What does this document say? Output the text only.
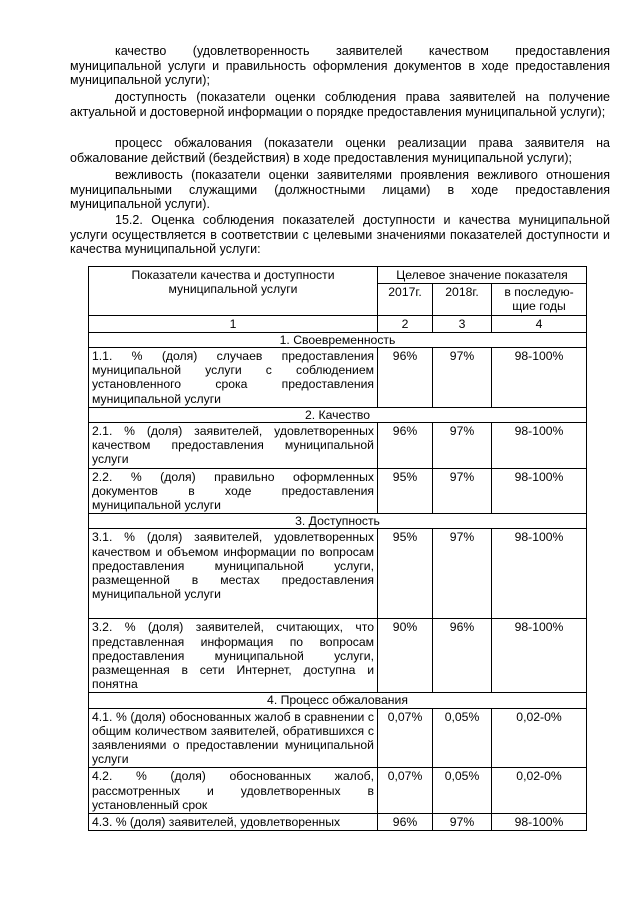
качество (удовлетворенность заявителей качеством предоставления муниципальной услуги и правильность оформления документов в ходе предоставления муниципальной услуги);

доступность (показатели оценки соблюдения права заявителей на получение актуальной и достоверной информации о порядке предоставления муниципальной услуги);

процесс обжалования (показатели оценки реализации права заявителя на обжалование действий (бездействия) в ходе предоставления муниципальной услуги);

вежливость (показатели оценки заявителями проявления вежливого отношения муниципальными служащими (должностными лицами) в ходе предоставления муниципальной услуги).

15.2. Оценка соблюдения показателей доступности и качества муниципальной услуги осуществляется в соответствии с целевыми значениями показателей доступности и качества муниципальной услуги:

Показатели качества и доступности муниципальной услуги	Целевое значение показателя		
	2017г.	2018г.	в последую-щие годы
1	2	3	4
1. Своевременность			
1.1. % (доля) случаев предоставления муниципальной услуги с соблюдением установленного срока предоставления муниципальной услуги	96%	97%	98-100%
2. Качество			
2.1. % (доля) заявителей, удовлетворенных качеством предоставления муниципальной услуги	96%	97%	98-100%
2.2. % (доля) правильно оформленных документов в ходе предоставления муниципальной услуги	95%	97%	98-100%
3. Доступность			
3.1. % (доля) заявителей, удовлетворенных качеством и объемом информации по вопросам предоставления муниципальной услуги, размещенной в местах предоставления муниципальной услуги	95%	97%	98-100%
3.2. % (доля) заявителей, считающих, что представленная информация по вопросам предоставления муниципальной услуги, размещенная в сети Интернет, доступна и понятна	90%	96%	98-100%
4. Процесс обжалования			
4.1. % (доля) обоснованных жалоб в сравнении с общим количеством заявителей, обратившихся с заявлениями о предоставлении муниципальной услуги	0,07%	0,05%	0,02-0%
4.2. % (доля) обоснованных жалоб, рассмотренных и удовлетворенных в установленный срок	0,07%	0,05%	0,02-0%
4.3. % (доля) заявителей, удовлетворенных	96%	97%	98-100%
